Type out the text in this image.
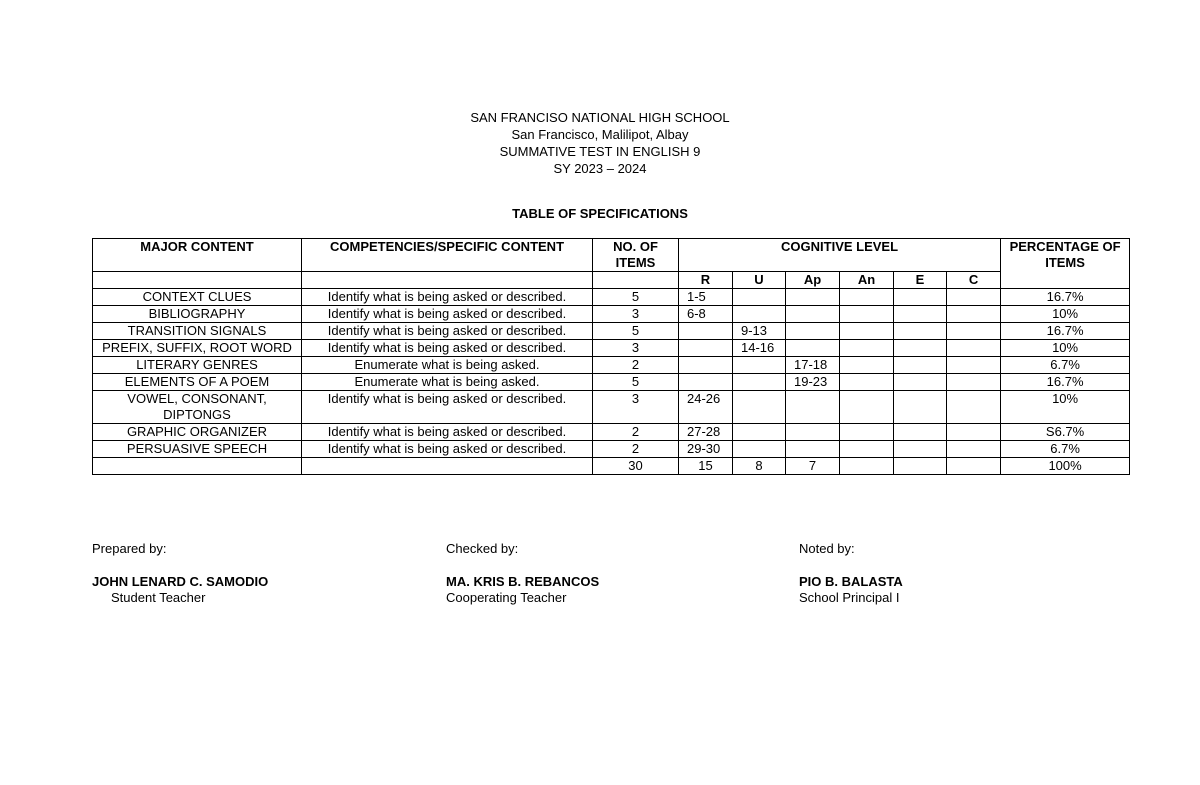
SAN FRANCISO NATIONAL HIGH SCHOOL
San Francisco, Malilipot, Albay
SUMMATIVE TEST IN ENGLISH 9
SY 2023 – 2024
TABLE OF SPECIFICATIONS
MAJOR CONTENT	COMPETENCIES/SPECIFIC CONTENT	NO. OF ITEMS	COGNITIVE LEVEL						PERCENTAGE OF ITEMS
			R	U	Ap	An	E	C	
CONTEXT CLUES	Identify what is being asked or described.	5	1-5						16.7%
BIBLIOGRAPHY	Identify what is being asked or described.	3	6-8						10%
TRANSITION SIGNALS	Identify what is being asked or described.	5		9-13					16.7%
PREFIX, SUFFIX, ROOT WORD	Identify what is being asked or described.	3		14-16					10%
LITERARY GENRES	Enumerate what is being asked.	2			17-18				6.7%
ELEMENTS OF A POEM	Enumerate what is being asked.	5			19-23				16.7%
VOWEL, CONSONANT, DIPTONGS	Identify what is being asked or described.	3	24-26						10%
GRAPHIC ORGANIZER	Identify what is being asked or described.	2	27-28						S6.7%
PERSUASIVE SPEECH	Identify what is being asked or described.	2	29-30						6.7%
		30	15	8	7				100%
Prepared by:
JOHN LENARD C. SAMODIO
Student Teacher
Checked by:
MA. KRIS B. REBANCOS
Cooperating Teacher
Noted by:
PIO B. BALASTA
School Principal I
